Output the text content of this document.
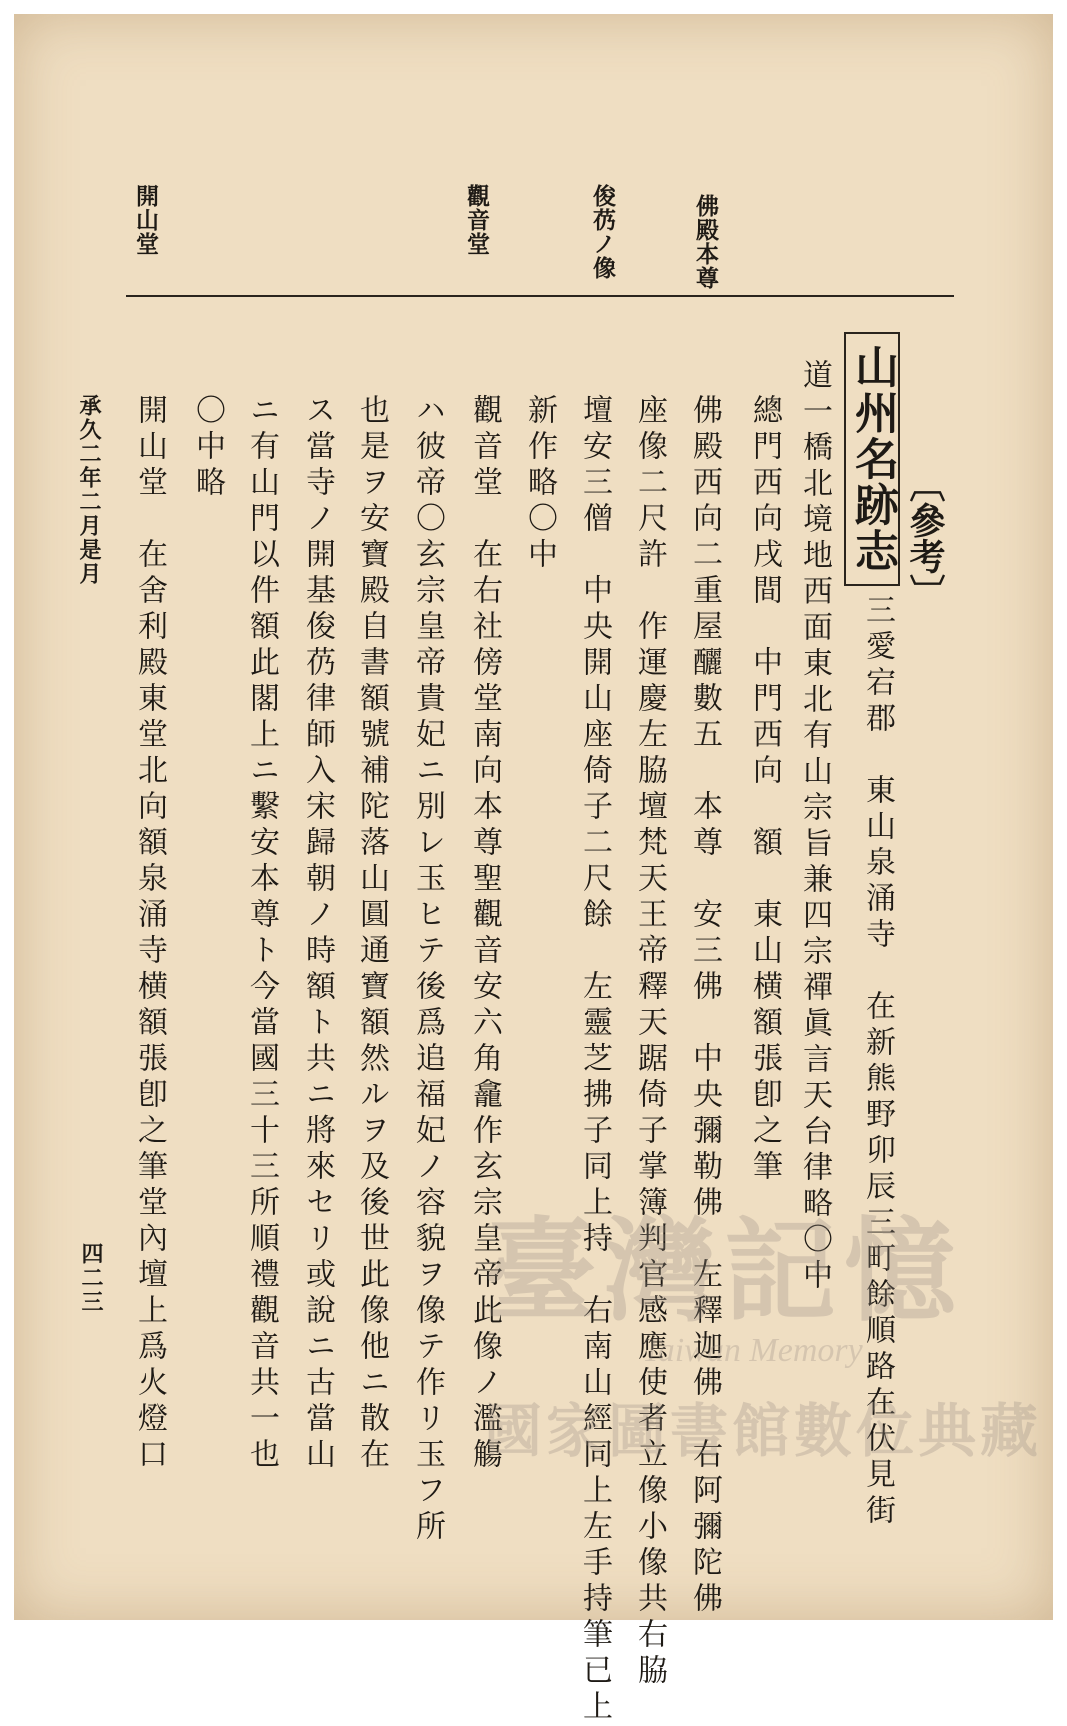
佛殿本尊
俊芿ノ像
觀音堂
開山堂
〔參考〕
山州名跡志
三愛宕郡　東山泉涌寺　在新熊野卯辰三町餘順路在伏見街
道一橋北境地西面東北有山宗旨兼四宗禪眞言天台律略〇中
總門西向戌間　中門西向　額　東山横額張卽之筆
佛殿西向二重屋釃數五　本尊　安三佛　中央彌勒佛　左釋迦佛　右阿彌陀佛
座像二尺許　作運慶左脇壇梵天王帝釋天踞倚子掌簿判官感應使者立像小像共右脇
壇安三僧　中央開山座倚子二尺餘　左靈芝拂子同上持　右南山經同上左手持筆已上
新作略〇中
觀音堂　在右社傍堂南向本尊聖觀音安六角龕作玄宗皇帝此像ノ濫觴
ハ彼帝〇玄宗皇帝貴妃ニ別レ玉ヒテ後爲追福妃ノ容貌ヲ像テ作リ玉フ所
也是ヲ安寶殿自書額號補陀落山圓通寶額然ルヲ及後世此像他ニ散在
ス當寺ノ開基俊芿律師入宋歸朝ノ時額ト共ニ將來セリ或說ニ古當山
ニ有山門以件額此閣上ニ繫安本尊ト今當國三十三所順禮觀音共一也
〇中略
開山堂　在舍利殿東堂北向額泉涌寺横額張卽之筆堂內壇上爲火燈口
承久二年二月是月
四二三	臺灣記憶
Taiwan Memory
國家圖書館數位典藏
